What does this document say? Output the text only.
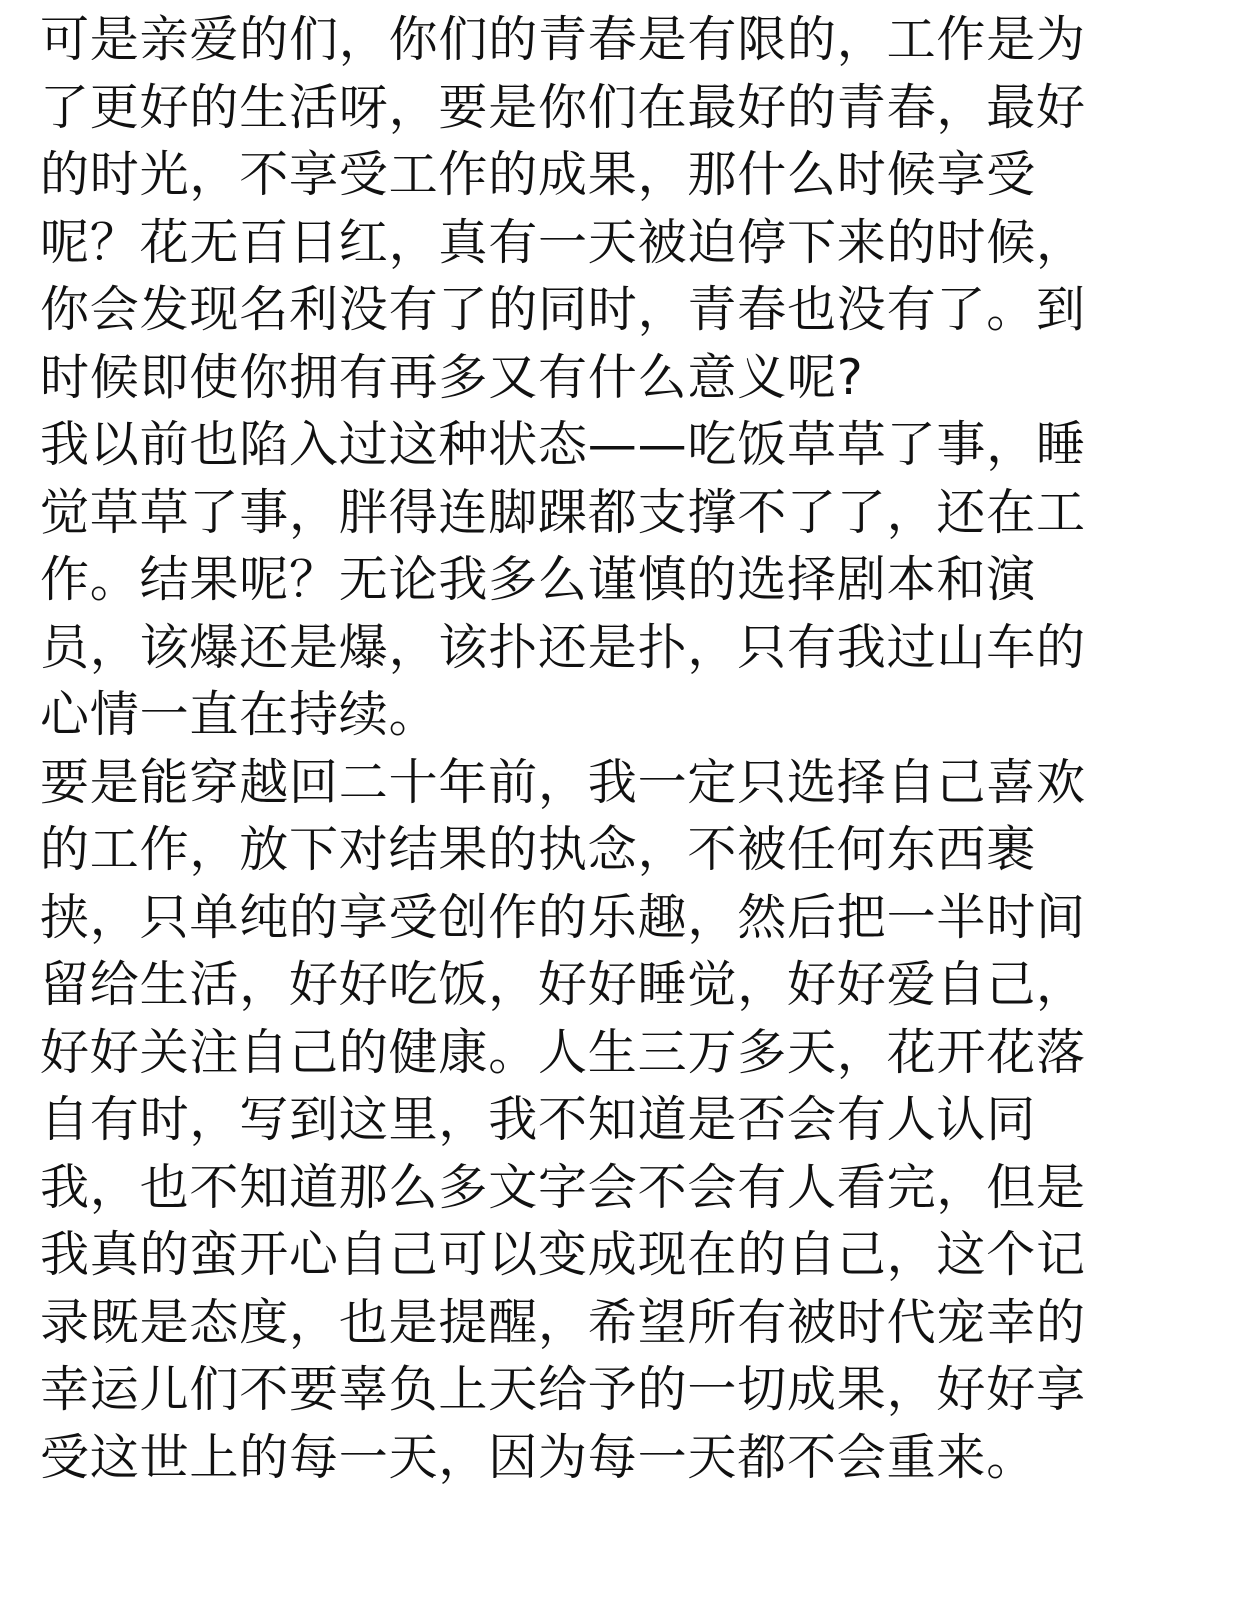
可是亲爱的们，你们的青春是有限的，工作是为
了更好的生活呀，要是你们在最好的青春，最好
的时光，不享受工作的成果，那什么时候享受
呢？花无百日红，真有一天被迫停下来的时候，
你会发现名利没有了的同时，青春也没有了。到
时候即使你拥有再多又有什么意义呢?
我以前也陷入过这种状态——吃饭草草了事，睡
觉草草了事，胖得连脚踝都支撑不了了，还在工
作。结果呢？无论我多么谨慎的选择剧本和演
员，该爆还是爆，该扑还是扑，只有我过山车的
心情一直在持续。
要是能穿越回二十年前，我一定只选择自己喜欢
的工作，放下对结果的执念，不被任何东西裹
挟，只单纯的享受创作的乐趣，然后把一半时间
留给生活，好好吃饭，好好睡觉，好好爱自己，
好好关注自己的健康。人生三万多天，花开花落
自有时，写到这里，我不知道是否会有人认同
我，也不知道那么多文字会不会有人看完，但是
我真的蛮开心自己可以变成现在的自己，这个记
录既是态度，也是提醒，希望所有被时代宠幸的
幸运儿们不要辜负上天给予的一切成果，好好享
受这世上的每一天，因为每一天都不会重来。
